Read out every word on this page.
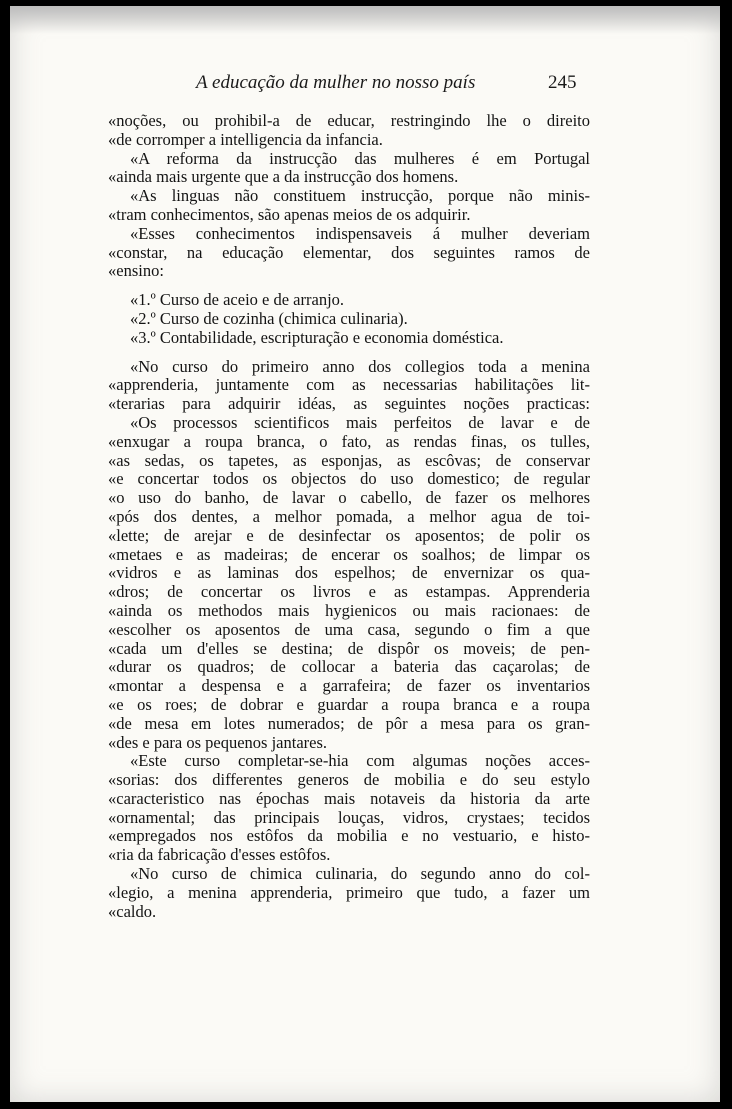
A educação da mulher no nosso país	245
«noções, ou prohibil-a de educar, restringindo lhe o direito
«de corromper a intelligencia da infancia.
«A reforma da instrucção das mulheres é em Portugal
«ainda mais urgente que a da instrucção dos homens.
«As linguas não constituem instrucção, porque não minis-
«tram conhecimentos, são apenas meios de os adquirir.
«Esses conhecimentos indispensaveis á mulher deveriam
«constar, na educação elementar, dos seguintes ramos de
«ensino:
«1.º Curso de aceio e de arranjo.
«2.º Curso de cozinha (chimica culinaria).
«3.º Contabilidade, escripturação e economia doméstica.
«No curso do primeiro anno dos collegios toda a menina
«apprenderia, juntamente com as necessarias habilitações lit-
«terarias para adquirir idéas, as seguintes noções practicas:
«Os processos scientificos mais perfeitos de lavar e de
«enxugar a roupa branca, o fato, as rendas finas, os tulles,
«as sedas, os tapetes, as esponjas, as escôvas; de conservar
«e concertar todos os objectos do uso domestico; de regular
«o uso do banho, de lavar o cabello, de fazer os melhores
«pós dos dentes, a melhor pomada, a melhor agua de toi-
«lette; de arejar e de desinfectar os aposentos; de polir os
«metaes e as madeiras; de encerar os soalhos; de limpar os
«vidros e as laminas dos espelhos; de envernizar os qua-
«dros; de concertar os livros e as estampas. Apprenderia
«ainda os methodos mais hygienicos ou mais racionaes: de
«escolher os aposentos de uma casa, segundo o fim a que
«cada um d'elles se destina; de dispôr os moveis; de pen-
«durar os quadros; de collocar a bateria das caçarolas; de
«montar a despensa e a garrafeira; de fazer os inventarios
«e os roes; de dobrar e guardar a roupa branca e a roupa
«de mesa em lotes numerados; de pôr a mesa para os gran-
«des e para os pequenos jantares.
«Este curso completar-se-hia com algumas noções acces-
«sorias: dos differentes generos de mobilia e do seu estylo
«caracteristico nas épochas mais notaveis da historia da arte
«ornamental; das principais louças, vidros, crystaes; tecidos
«empregados nos estôfos da mobilia e no vestuario, e histo-
«ria da fabricação d'esses estôfos.
«No curso de chimica culinaria, do segundo anno do col-
«legio, a menina apprenderia, primeiro que tudo, a fazer um
«caldo.
